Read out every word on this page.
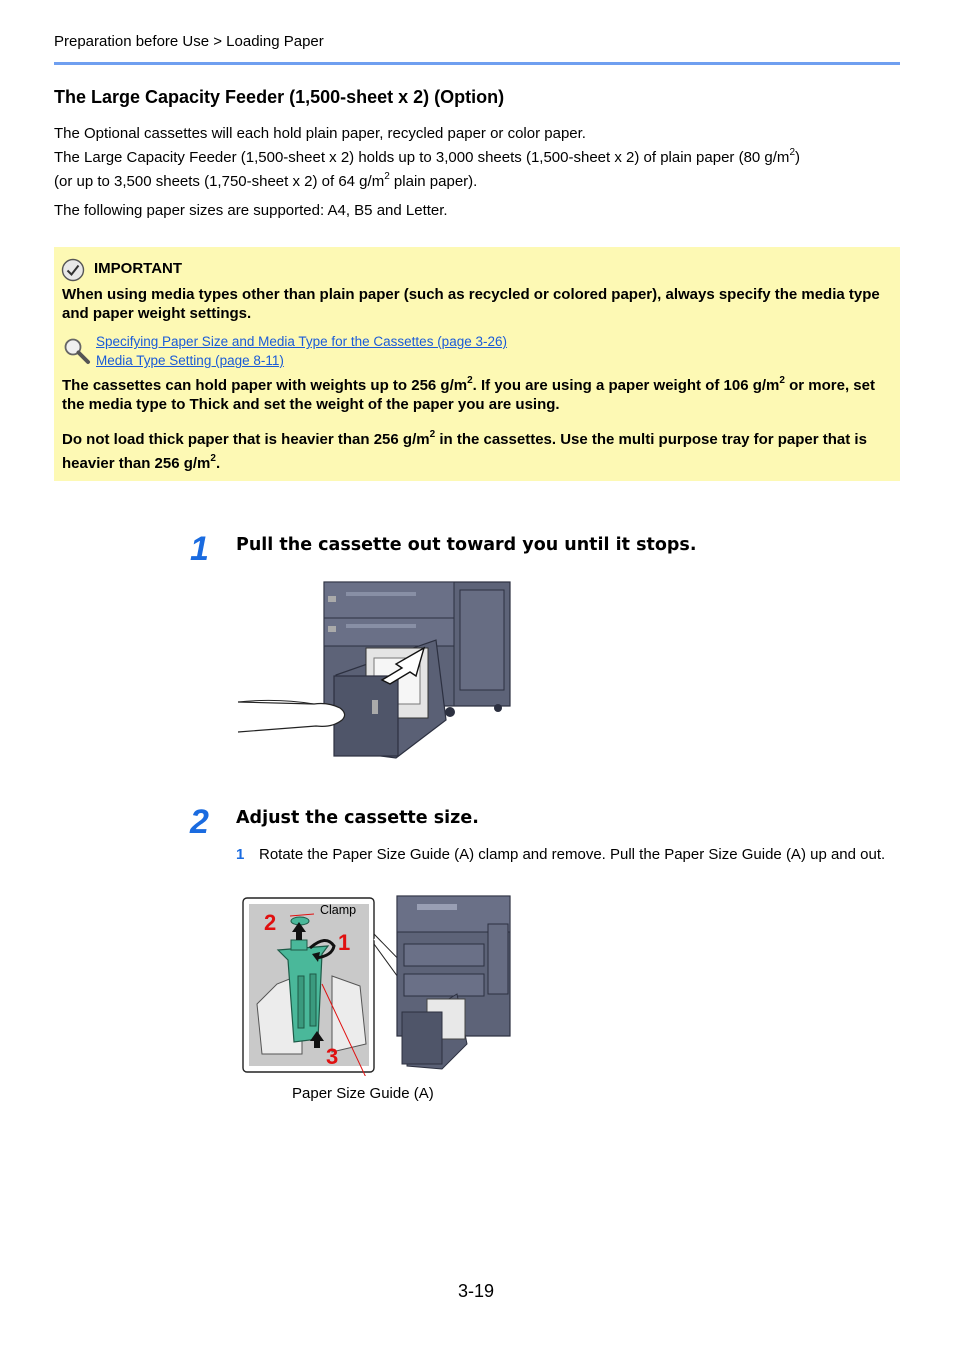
Preparation before Use > Loading Paper
The Large Capacity Feeder (1,500-sheet x 2) (Option)
The Optional cassettes will each hold plain paper, recycled paper or color paper.
The Large Capacity Feeder (1,500-sheet x 2) holds up to 3,000 sheets (1,500-sheet x 2) of plain paper (80 $g/m^2$)
(or up to 3,500 sheets (1,750-sheet x 2) of 64 $g/m^2$ plain paper).
The following paper sizes are supported: A4, B5 and Letter.
IMPORTANT
When using media types other than plain paper (such as recycled or colored paper), always specify the media type and paper weight settings.
Specifying Paper Size and Media Type for the Cassettes (page 3-26)
Media Type Setting (page 8-11)
The cassettes can hold paper with weights up to 256 $g/m^2$. If you are using a paper weight of 106 $g/m^2$ or more, set the media type to Thick and set the weight of the paper you are using.
Do not load thick paper that is heavier than 256 $g/m^2$ in the cassettes. Use the multi purpose tray for paper that is heavier than 256 $g/m^2$.
1 Pull the cassette out toward you until it stops.
2 Adjust the cassette size.
1 Rotate the Paper Size Guide (A) clamp and remove. Pull the Paper Size Guide (A) up and out.
Clamp
2
1
3
Paper Size Guide (A)
3-19
